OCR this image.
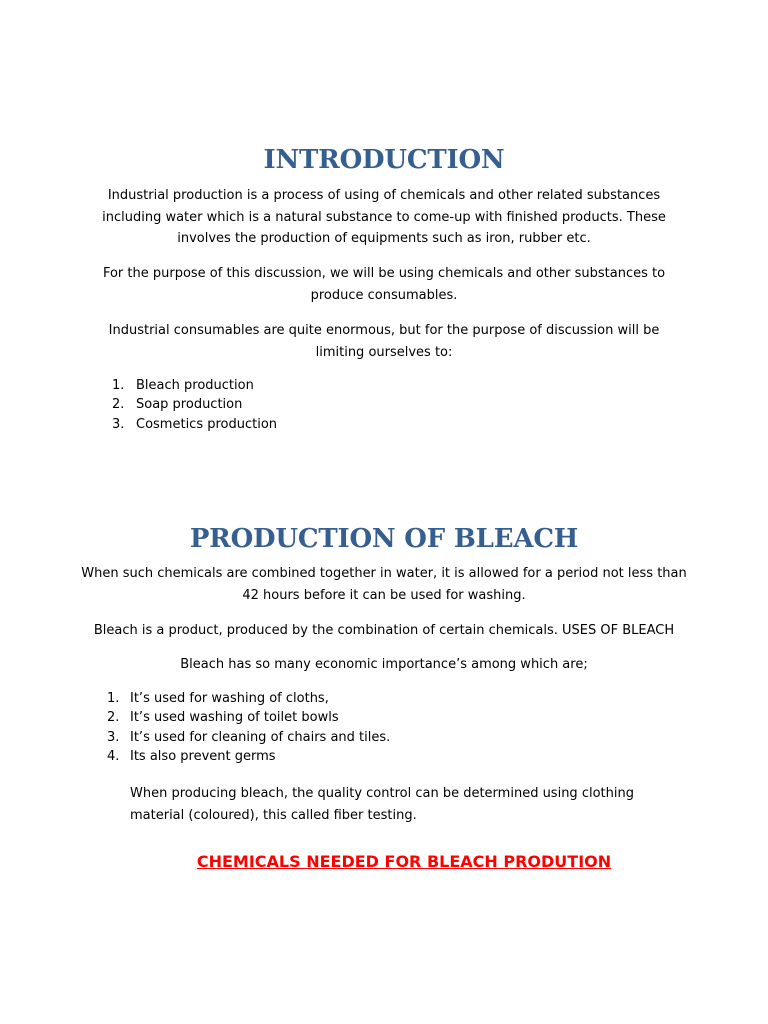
INTRODUCTION
Industrial production is a process of using of chemicals and other related substances including water which is a natural substance to come-up with finished products. These involves the production of equipments such as iron, rubber etc.
For the purpose of this discussion, we will be using chemicals and other substances to produce consumables.
Industrial consumables are quite enormous, but for the purpose of discussion will be limiting ourselves to:
1. Bleach production
2. Soap production
3. Cosmetics production
PRODUCTION OF BLEACH
When such chemicals are combined together in water, it is allowed for a period not less than 42 hours before it can be used for washing.
Bleach is a product, produced by the combination of certain chemicals. USES OF BLEACH
Bleach has so many economic importance’s among which are;
1. It’s used for washing of cloths,
2. It’s used washing of toilet bowls
3. It’s used for cleaning of chairs and tiles.
4. Its also prevent germs
When producing bleach, the quality control can be determined using clothing material (coloured), this called fiber testing.
CHEMICALS NEEDED FOR BLEACH PRODUTION
